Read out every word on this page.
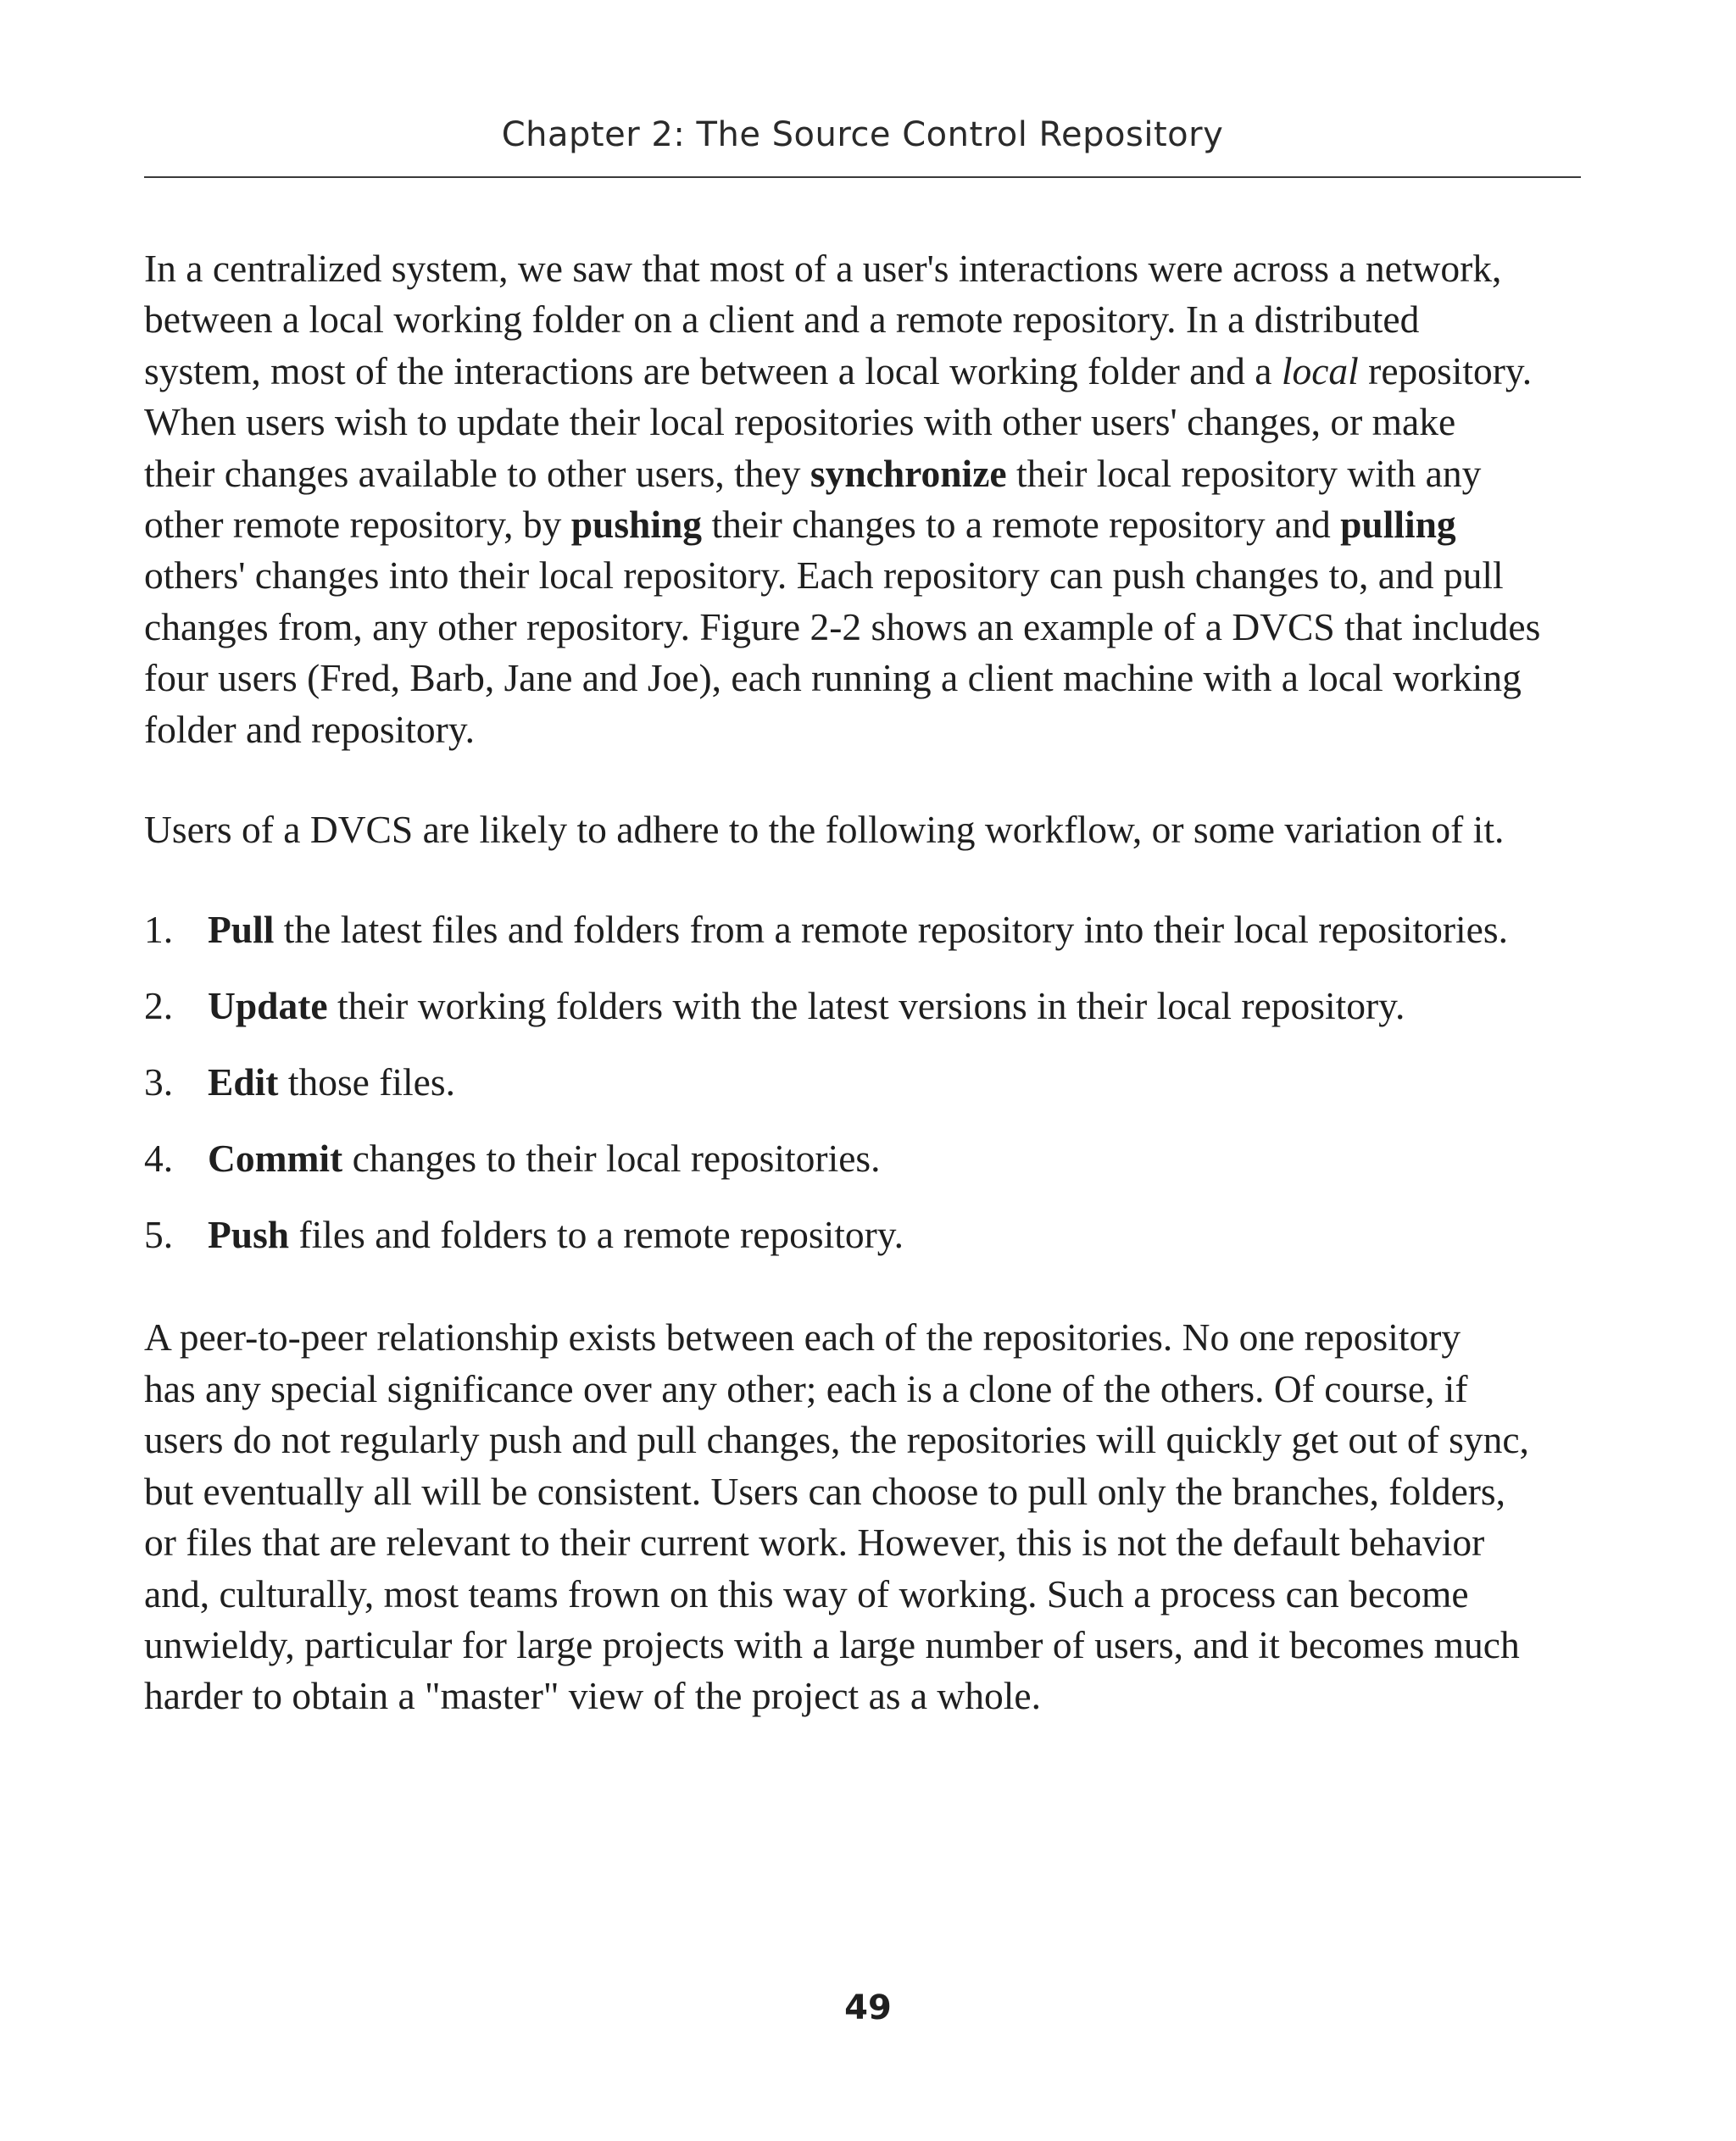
Chapter 2: The Source Control Repository

In a centralized system, we saw that most of a user's interactions were across a network,
between a local working folder on a client and a remote repository. In a distributed
system, most of the interactions are between a local working folder and a local repository.
When users wish to update their local repositories with other users' changes, or make
their changes available to other users, they synchronize their local repository with any
other remote repository, by pushing their changes to a remote repository and pulling
others' changes into their local repository. Each repository can push changes to, and pull
changes from, any other repository. Figure 2-2 shows an example of a DVCS that includes
four users (Fred, Barb, Jane and Joe), each running a client machine with a local working
folder and repository.

Users of a DVCS are likely to adhere to the following workflow, or some variation of it.

1. Pull the latest files and folders from a remote repository into their local repositories.
2. Update their working folders with the latest versions in their local repository.
3. Edit those files.
4. Commit changes to their local repositories.
5. Push files and folders to a remote repository.

A peer-to-peer relationship exists between each of the repositories. No one repository
has any special significance over any other; each is a clone of the others. Of course, if
users do not regularly push and pull changes, the repositories will quickly get out of sync,
but eventually all will be consistent. Users can choose to pull only the branches, folders,
or files that are relevant to their current work. However, this is not the default behavior
and, culturally, most teams frown on this way of working. Such a process can become
unwieldy, particular for large projects with a large number of users, and it becomes much
harder to obtain a "master" view of the project as a whole.

49
